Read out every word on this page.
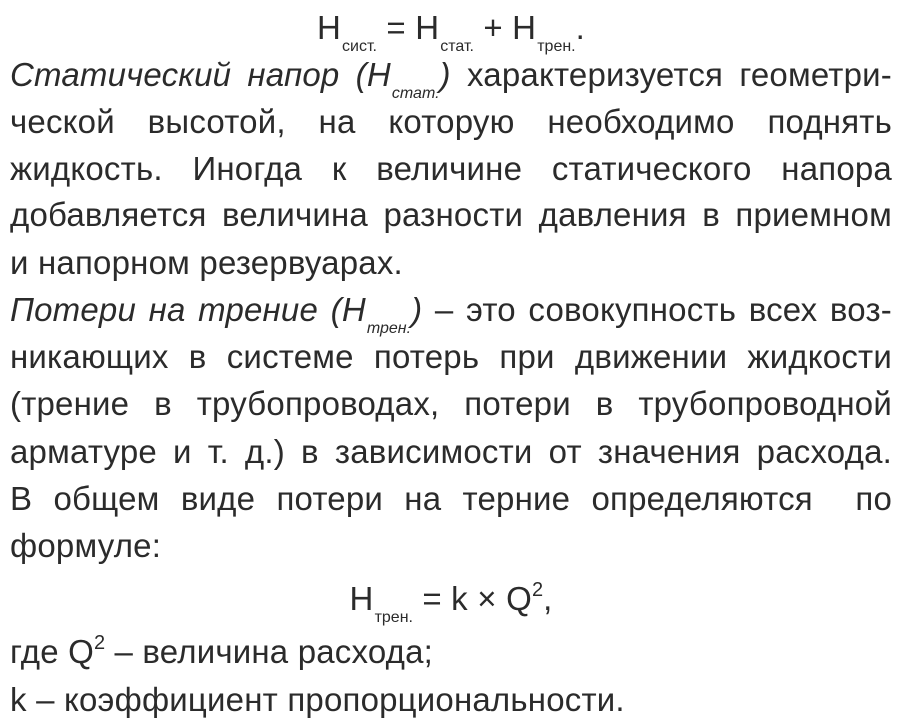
$H_{сист.} = H_{стат.} + H_{трен.}$.
Статический напор $(H_{стат.})$ характеризуется геометри-
ческой высотой, на которую необходимо поднять
жидкость. Иногда к величине статического напора
добавляется величина разности давления в приемном
и напорном резервуарах.
Потери на трение $(H_{трен.})$ – это совокупность всех воз-
никающих в системе потерь при движении жидкости
(трение в трубопроводах, потери в трубопроводной
арматуре и т. д.) в зависимости от значения расхода.
В общем виде потери на терние определяются  по
формуле:
$H_{трен.} = k \times Q^2$,
где $Q^2$ – величина расхода;
k – коэффициент пропорциональности.
